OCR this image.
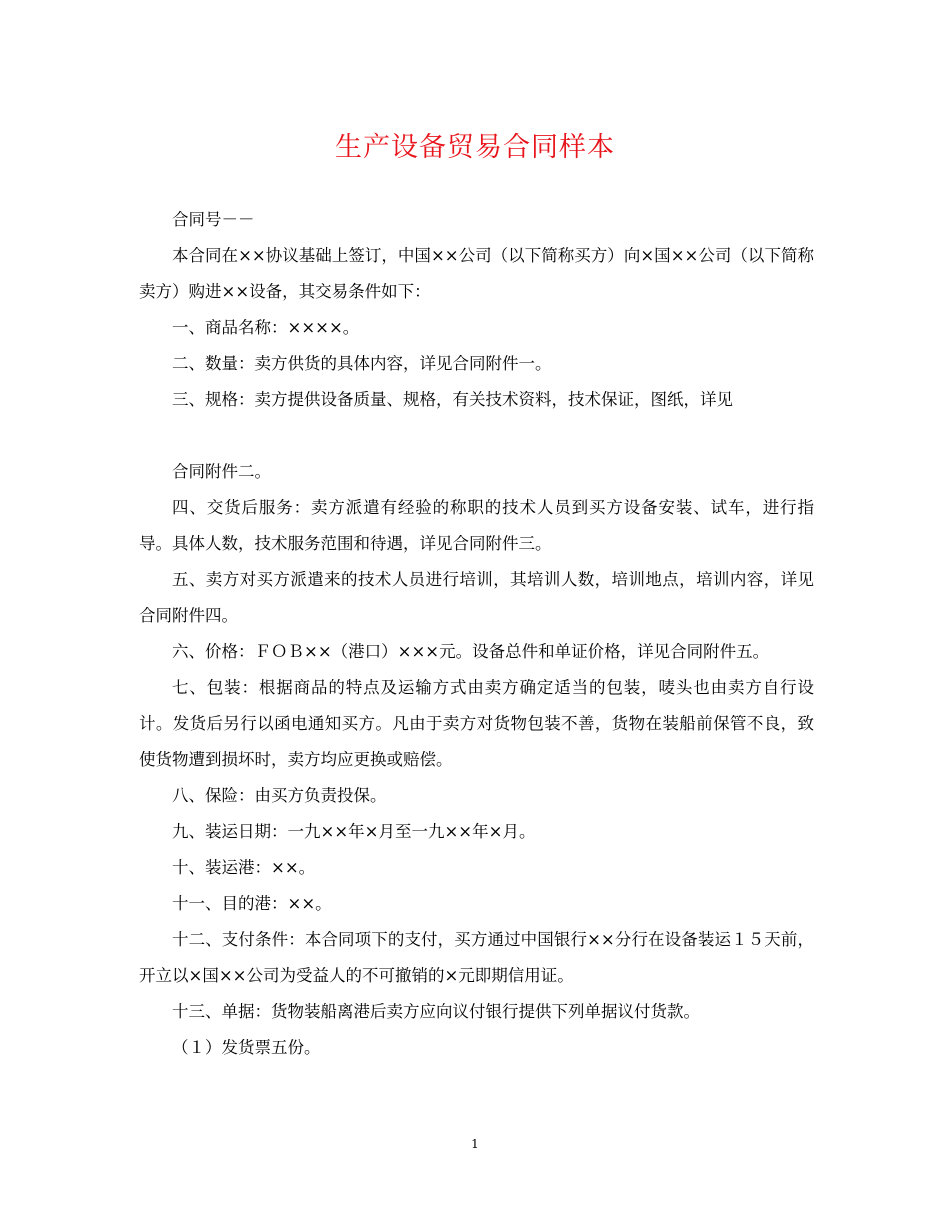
生产设备贸易合同样本

合同号－－

本合同在××协议基础上签订，中国××公司（以下简称买方）向×国××公司（以下简称卖方）购进××设备，其交易条件如下：

一、商品名称：××××。

二、数量：卖方供货的具体内容，详见合同附件一。

三、规格：卖方提供设备质量、规格，有关技术资料，技术保证，图纸，详见

合同附件二。

四、交货后服务：卖方派遣有经验的称职的技术人员到买方设备安装、试车，进行指导。具体人数，技术服务范围和待遇，详见合同附件三。

五、卖方对买方派遣来的技术人员进行培训，其培训人数，培训地点，培训内容，详见合同附件四。

六、价格：ＦＯＢ××（港口）×××元。设备总件和单证价格，详见合同附件五。

七、包装：根据商品的特点及运输方式由卖方确定适当的包装，唛头也由卖方自行设计。发货后另行以函电通知买方。凡由于卖方对货物包装不善，货物在装船前保管不良，致使货物遭到损坏时，卖方均应更换或赔偿。

八、保险：由买方负责投保。

九、装运日期：一九××年×月至一九××年×月。

十、装运港：××。

十一、目的港：××。

十二、支付条件：本合同项下的支付，买方通过中国银行××分行在设备装运１５天前，开立以×国××公司为受益人的不可撤销的×元即期信用证。

十三、单据：货物装船离港后卖方应向议付银行提供下列单据议付货款。

（１）发货票五份。

1
